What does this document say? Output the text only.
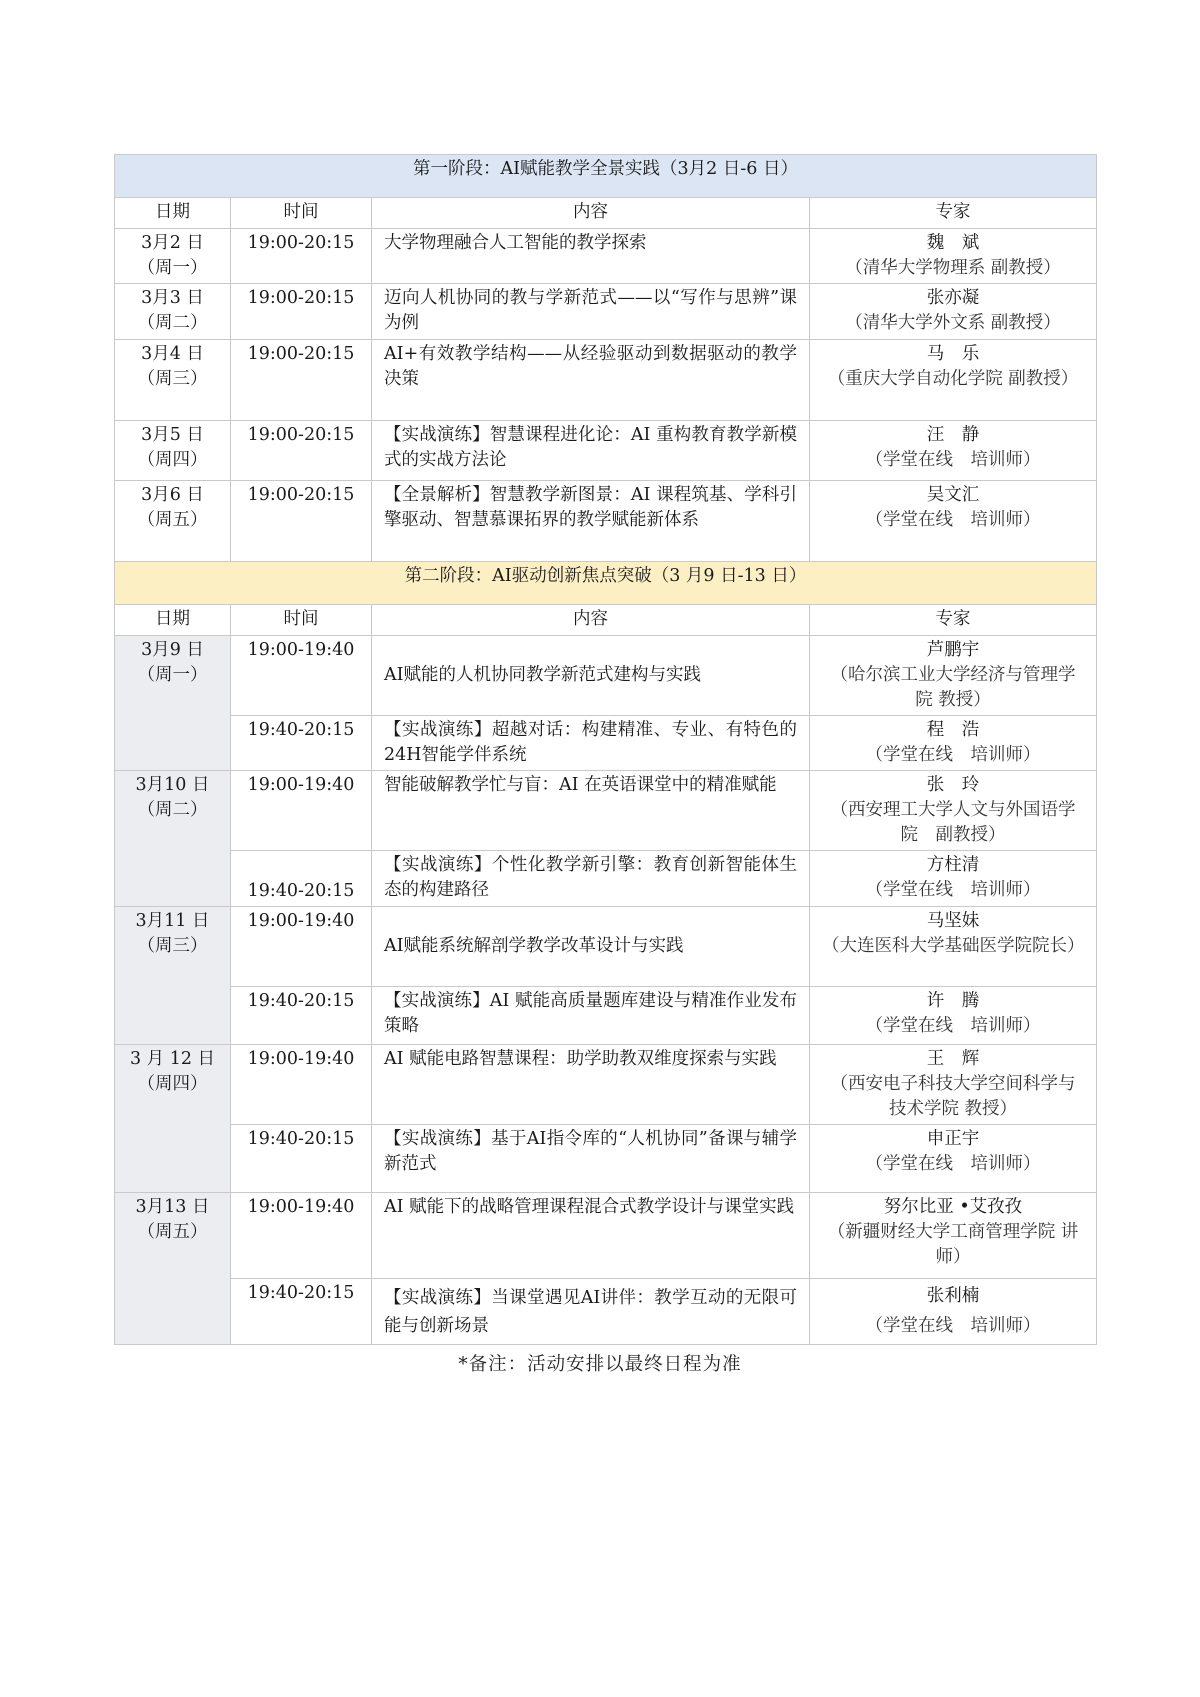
第一阶段：AI赋能教学全景实践（3月2 日-6 日）			
日期	时间	内容	专家

3月2 日
（周一）	19:00-20:15	大学物理融合人工智能的教学探索	魏　斌
（清华大学物理系 副教授）

3月3 日
（周二）	19:00-20:15	迈向人机协同的教与学新范式——以“写作与思辨”课为例	张亦凝
（清华大学外文系 副教授）

3月4 日
（周三）	19:00-20:15	AI+有效教学结构——从经验驱动到数据驱动的教学决策	马　乐
（重庆大学自动化学院 副教授）

3月5 日
（周四）	19:00-20:15	【实战演练】智慧课程进化论：AI 重构教育教学新模式的实战方法论	汪　静
（学堂在线　培训师）

3月6 日
（周五）	19:00-20:15	【全景解析】智慧教学新图景：AI 课程筑基、学科引擎驱动、智慧慕课拓界的教学赋能新体系	吴文汇
（学堂在线　培训师）

第二阶段：AI驱动创新焦点突破（3 月9 日-13 日）			
日期	时间	内容	专家

3月9 日
（周一）	19:00-19:40	AI赋能的人机协同教学新范式建构与实践	芦鹏宇
（哈尔滨工业大学经济与管理学院 教授）

	19:40-20:15	【实战演练】超越对话：构建精准、专业、有特色的24H智能学伴系统	程　浩
（学堂在线　培训师）

3月10 日
（周二）	19:00-19:40	智能破解教学忙与盲：AI 在英语课堂中的精准赋能	张　玲
（西安理工大学人文与外国语学院　副教授）

	19:40-20:15	【实战演练】个性化教学新引擎：教育创新智能体生态的构建路径	方柱清
（学堂在线　培训师）

3月11 日
（周三）	19:00-19:40	AI赋能系统解剖学教学改革设计与实践	马坚妹
（大连医科大学基础医学院院长）

	19:40-20:15	【实战演练】AI 赋能高质量题库建设与精准作业发布策略	许　腾
（学堂在线　培训师）

3 月 12 日
（周四）	19:00-19:40	AI 赋能电路智慧课程：助学助教双维度探索与实践	王　辉
（西安电子科技大学空间科学与技术学院 教授）

	19:40-20:15	【实战演练】基于AI指令库的“人机协同”备课与辅学新范式	申正宇
（学堂在线　培训师）

3月13 日
（周五）	19:00-19:40	AI 赋能下的战略管理课程混合式教学设计与课堂实践	努尔比亚 •艾孜孜
（新疆财经大学工商管理学院 讲师）

	19:40-20:15	【实战演练】当课堂遇见AI讲伴：教学互动的无限可能与创新场景	张利楠
（学堂在线　培训师）
*备注：活动安排以最终日程为准
